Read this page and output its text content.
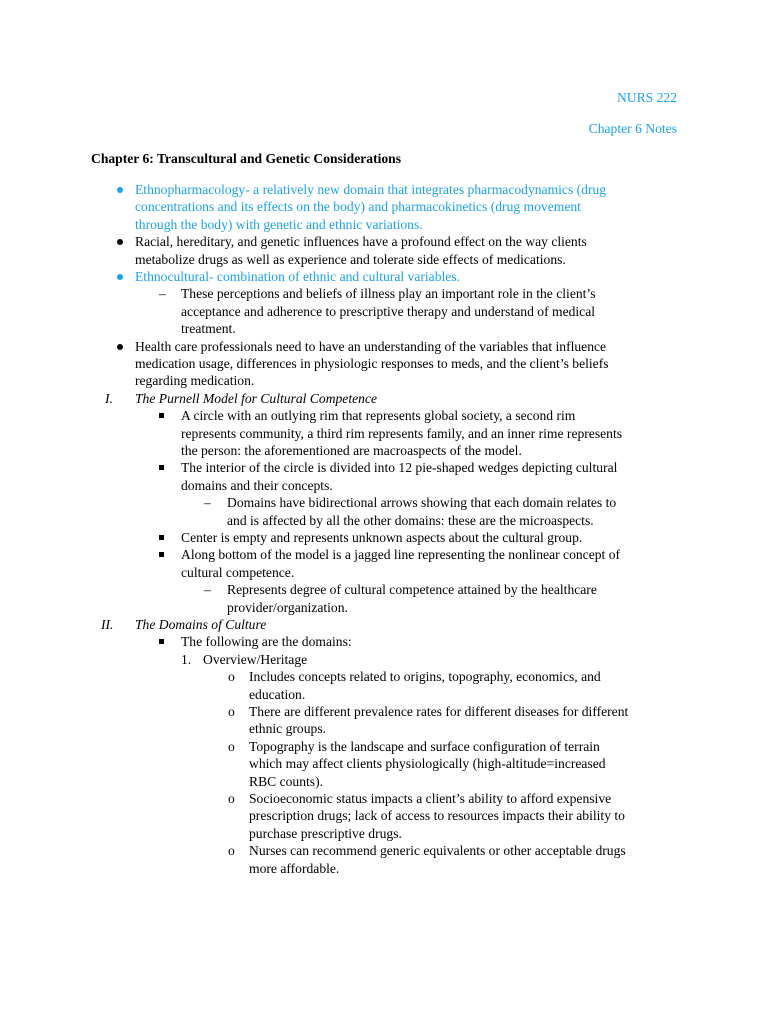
NURS 222
Chapter 6 Notes
Chapter 6: Transcultural and Genetic Considerations
Ethnopharmacology- a relatively new domain that integrates pharmacodynamics (drug
concentrations and its effects on the body) and pharmacokinetics (drug movement
through the body) with genetic and ethnic variations.
Racial, hereditary, and genetic influences have a profound effect on the way clients
metabolize drugs as well as experience and tolerate side effects of medications.
Ethnocultural- combination of ethnic and cultural variables.
– These perceptions and beliefs of illness play an important role in the client’s
acceptance and adherence to prescriptive therapy and understand of medical
treatment.
Health care professionals need to have an understanding of the variables that influence
medication usage, differences in physiologic responses to meds, and the client’s beliefs
regarding medication.
I. The Purnell Model for Cultural Competence
A circle with an outlying rim that represents global society, a second rim
represents community, a third rim represents family, and an inner rime represents
the person: the aforementioned are macroaspects of the model.
The interior of the circle is divided into 12 pie-shaped wedges depicting cultural
domains and their concepts.
– Domains have bidirectional arrows showing that each domain relates to
and is affected by all the other domains: these are the microaspects.
Center is empty and represents unknown aspects about the cultural group.
Along bottom of the model is a jagged line representing the nonlinear concept of
cultural competence.
– Represents degree of cultural competence attained by the healthcare
provider/organization.
II. The Domains of Culture
The following are the domains:
1. Overview/Heritage
o Includes concepts related to origins, topography, economics, and
education.
o There are different prevalence rates for different diseases for different
ethnic groups.
o Topography is the landscape and surface configuration of terrain
which may affect clients physiologically (high-altitude=increased
RBC counts).
o Socioeconomic status impacts a client’s ability to afford expensive
prescription drugs; lack of access to resources impacts their ability to
purchase prescriptive drugs.
o Nurses can recommend generic equivalents or other acceptable drugs
more affordable.
